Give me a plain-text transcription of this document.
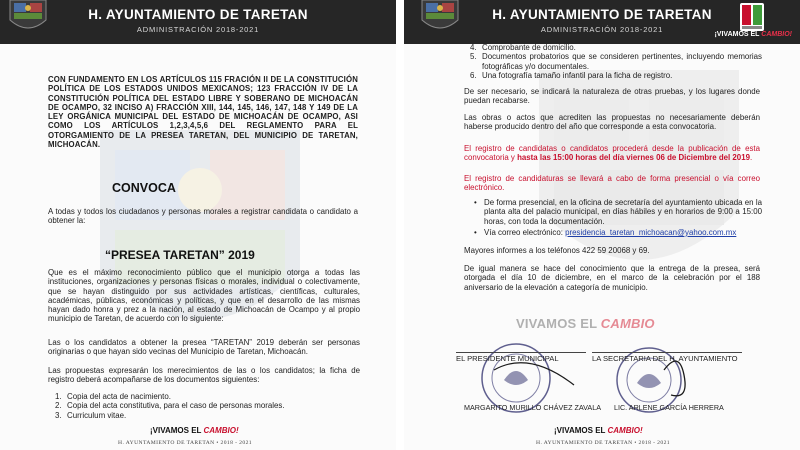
H. AYUNTAMIENTO DE TARETAN
ADMINISTRACIÓN 2018-2021
CON FUNDAMENTO EN LOS ARTÍCULOS 115 FRACIÓN II DE LA CONSTITUCIÓN POLÍTICA DE LOS ESTADOS UNIDOS MEXICANOS; 123 FRACCIÓN IV DE LA CONSTITUCIÓN POLÍTICA DEL ESTADO LIBRE Y SOBERANO DE MICHOACÁN DE OCAMPO, 32 INCISO A) FRACCIÓN XIII, 144, 145, 146, 147, 148 Y 149 DE LA LEY ORGÁNICA MUNICIPAL DEL ESTADO DE MICHOACÁN DE OCAMPO, ASI COMO LOS ARTÍCULOS 1,2,3,4,5,6 DEL REGLAMENTO PARA EL OTORGAMIENTO DE LA PRESEA TARETAN, DEL MUNICIPIO DE TARETAN, MICHOACÁN.
CONVOCA
A todas y todos los ciudadanos y personas morales a registrar candidata o candidato a obtener la:
“PRESEA TARETAN” 2019
Que es el máximo reconocimiento público que el municipio otorga a todas las instituciones, organizaciones y personas físicas o morales, individual o colectivamente, que se hayan distinguido por sus actividades artísticas, científicas, culturales, académicas, públicas, económicas y políticas, y que en el desarrollo de las mismas hayan dado honra y prez a la nación, al estado de Michoacán de Ocampo y al propio municipio de Taretan, de acuerdo con lo siguiente:
Las o los candidatos a obtener la presea “TARETAN” 2019 deberán ser personas originarias o que hayan sido vecinas del Municipio de Taretan, Michoacán.
Las propuestas expresarán los merecimientos de las o los candidatos; la ficha de registro deberá acompañarse de los documentos siguientes:
1. Copia del acta de nacimiento.
2. Copia del acta constitutiva, para el caso de personas morales.
3. Curriculum vitae.
¡VIVAMOS EL CAMBIO!
H. AYUNTAMIENTO DE TARETAN • 2018 - 2021
H. AYUNTAMIENTO DE TARETAN
ADMINISTRACIÓN 2018-2021
¡VIVAMOS EL CAMBIO!
4. Comprobante de domicilio.
5. Documentos probatorios que se consideren pertinentes, incluyendo memorias fotográficas y/o documentales.
6. Una fotografía tamaño infantil para la ficha de registro.
De ser necesario, se indicará la naturaleza de otras pruebas, y los lugares donde puedan recabarse.
Las obras o actos que acrediten las propuestas no necesariamente deberán haberse producido dentro del año que corresponde a esta convocatoria.
El registro de candidatas o candidatos procederá desde la publicación de esta convocatoria y hasta las 15:00 horas del día viernes 06 de Diciembre del 2019.
El registro de candidaturas se llevará a cabo de forma presencial o vía correo electrónico.
• De forma presencial, en la oficina de secretaría del ayuntamiento ubicada en la planta alta del palacio municipal, en días hábiles y en horarios de 9:00 a 15:00 horas, con toda la documentación.
• Vía correo electrónico: presidencia_taretan_michoacan@yahoo.com.mx
Mayores informes a los teléfonos 422 59 20068 y 69.
De igual manera se hace del conocimiento que la entrega de la presea, será otorgada el día 10 de diciembre, en el marco de la celebración por el 188 aniversario de la elevación a categoría de municipio.
VIVAMOS EL CAMBIO
EL PRESIDENTE MUNICIPAL	LA SECRETARIA DEL H. AYUNTAMIENTO
MARGARITO MURILLO CHÁVEZ ZAVALA LIC. ARLENE GARCÍA HERRERA
¡VIVAMOS EL CAMBIO!
H. AYUNTAMIENTO DE TARETAN • 2018 - 2021
